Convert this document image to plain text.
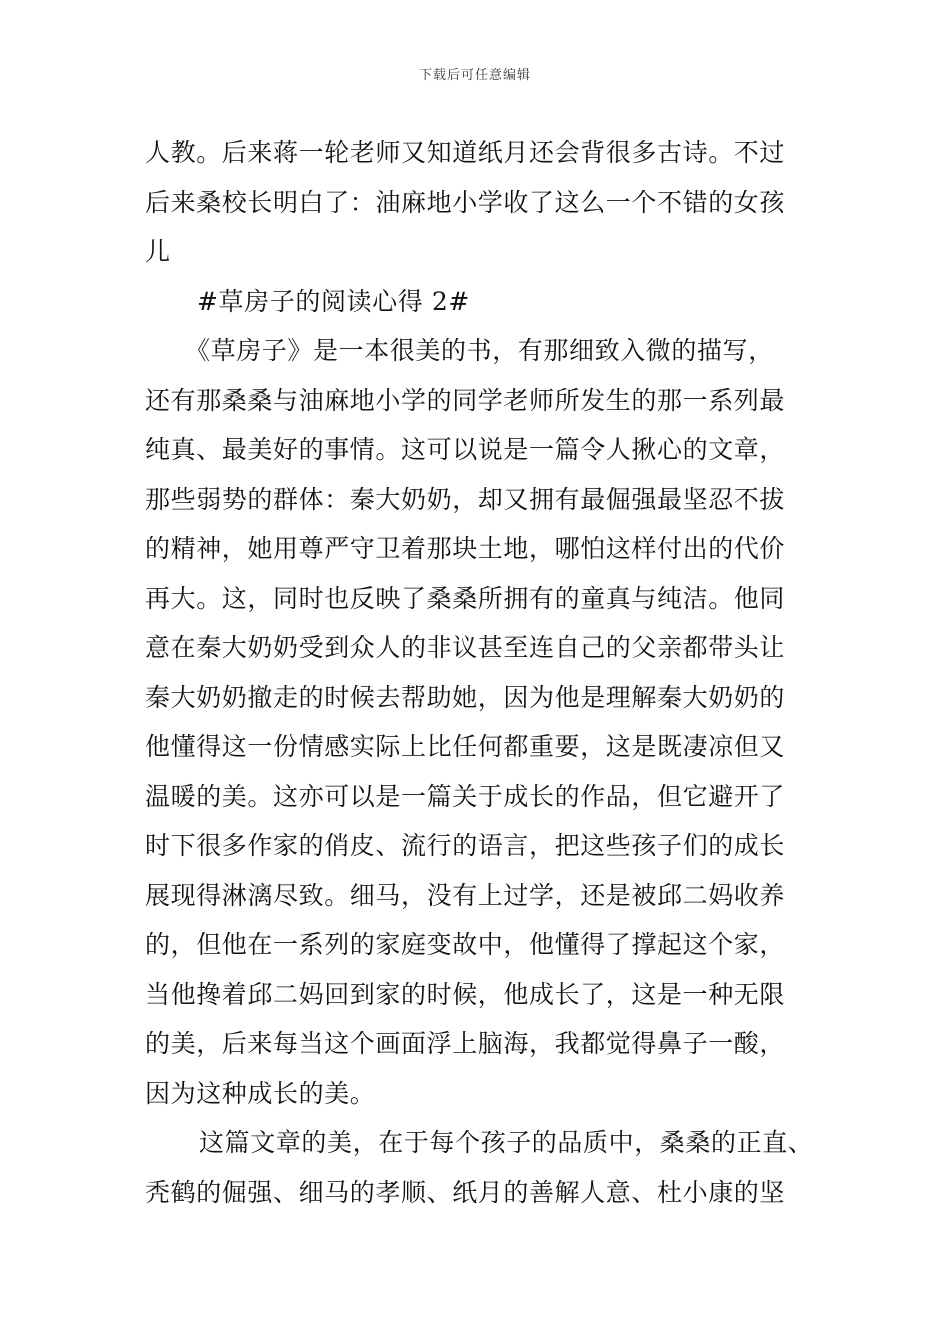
下载后可任意编辑
人教。后来蒋一轮老师又知道纸月还会背很多古诗。不过
后来桑校长明白了：油麻地小学收了这么一个不错的女孩
儿
#草房子的阅读心得 2#
《草房子》是一本很美的书，有那细致入微的描写，
还有那桑桑与油麻地小学的同学老师所发生的那一系列最
纯真、最美好的事情。这可以说是一篇令人揪心的文章，
那些弱势的群体：秦大奶奶，却又拥有最倔强最坚忍不拔
的精神，她用尊严守卫着那块土地，哪怕这样付出的代价
再大。这，同时也反映了桑桑所拥有的童真与纯洁。他同
意在秦大奶奶受到众人的非议甚至连自己的父亲都带头让
秦大奶奶撤走的时候去帮助她，因为他是理解秦大奶奶的
他懂得这一份情感实际上比任何都重要，这是既凄凉但又
温暖的美。这亦可以是一篇关于成长的作品，但它避开了
时下很多作家的俏皮、流行的语言，把这些孩子们的成长
展现得淋漓尽致。细马，没有上过学，还是被邱二妈收养
的，但他在一系列的家庭变故中，他懂得了撑起这个家，
当他搀着邱二妈回到家的时候，他成长了，这是一种无限
的美，后来每当这个画面浮上脑海，我都觉得鼻子一酸，
因为这种成长的美。
这篇文章的美，在于每个孩子的品质中，桑桑的正直、
秃鹤的倔强、细马的孝顺、纸月的善解人意、杜小康的坚
